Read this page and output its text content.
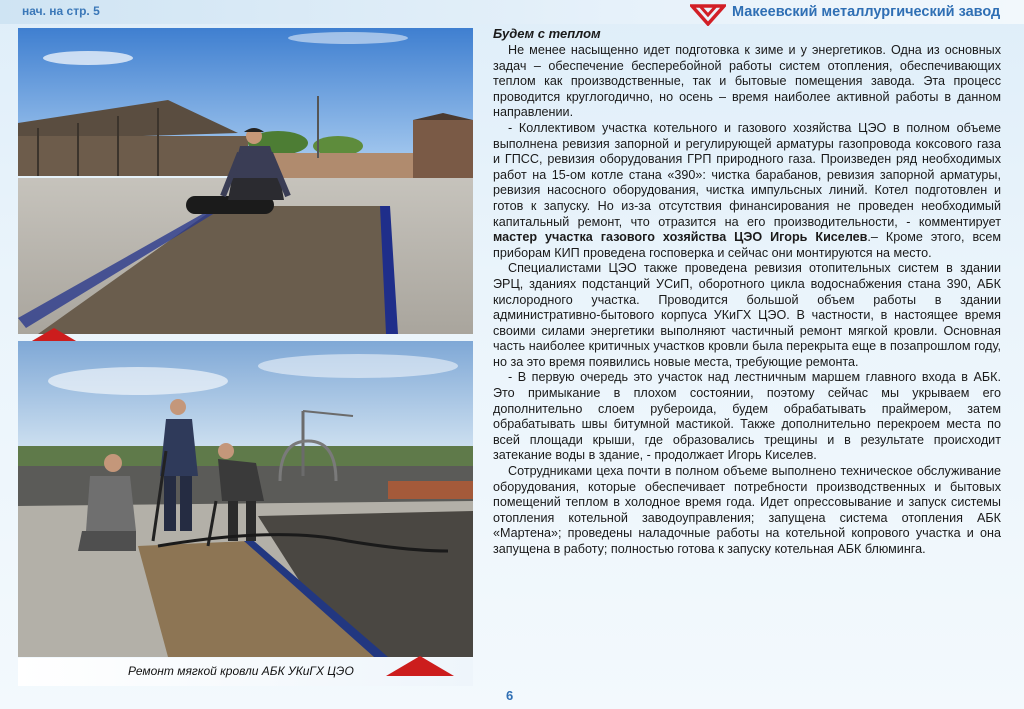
нач. на стр. 5	Макеевский металлургический завод
Ремонт мягкой кровли АБК УКиГХ ЦЭО
Будем с теплом

Не менее насыщенно идет подготовка к зиме и у энергетиков. Одна из основных задач – обеспечение бесперебойной работы систем отопления, обеспечивающих теплом как производственные, так и бытовые помещения завода. Эта процесс проводится круглогодично, но осень – время наиболее активной работы в данном направлении.

- Коллективом участка котельного и газового хозяйства ЦЭО в полном объеме выполнена ревизия запорной и регулирующей арматуры газопровода коксового газа и ГПСС, ревизия оборудования ГРП природного газа. Произведен ряд необходимых работ на 15-ом котле стана «390»: чистка барабанов, ревизия запорной арматуры, ревизия насосного оборудования, чистка импульсных линий. Котел подготовлен и готов к запуску. Но из-за отсутствия финансирования не проведен необходимый капитальный ремонт, что отразится на его производительности, - комментирует мастер участка газового хозяйства ЦЭО Игорь Киселев.– Кроме этого, всем приборам КИП проведена госповерка и сейчас они монтируются на место.

Специалистами ЦЭО также проведена ревизия отопительных систем в здании ЭРЦ, зданиях подстанций УСиП, оборотного цикла водоснабжения стана 390, АБК кислородного участка. Проводится большой объем работы в здании административно-бытового корпуса УКиГХ ЦЭО. В частности, в настоящее время своими силами энергетики выполняют частичный ремонт мягкой кровли. Основная часть наиболее критичных участков кровли была перекрыта еще в позапрошлом году, но за это время появились новые места, требующие ремонта.

- В первую очередь это участок над лестничным маршем главного входа в АБК. Это примыкание в плохом состоянии, поэтому сейчас мы укрываем его дополнительно слоем рубероида, будем обрабатывать праймером, затем обрабатывать швы битумной мастикой. Также дополнительно перекроем места по всей площади крыши, где образовались трещины и в результате происходит затекание воды в здание, - продолжает Игорь Киселев.

Сотрудниками цеха почти в полном объеме выполнено техническое обслуживание оборудования, которые обеспечивает потребности производственных и бытовых помещений теплом в холодное время года. Идет опрессовывание и запуск системы отопления котельной заводоуправления; запущена система отопления АБК «Мартена»; проведены наладочные работы на котельной копрового участка и она запущена в работу; полностью готова к запуску котельная АБК блюминга.

6
